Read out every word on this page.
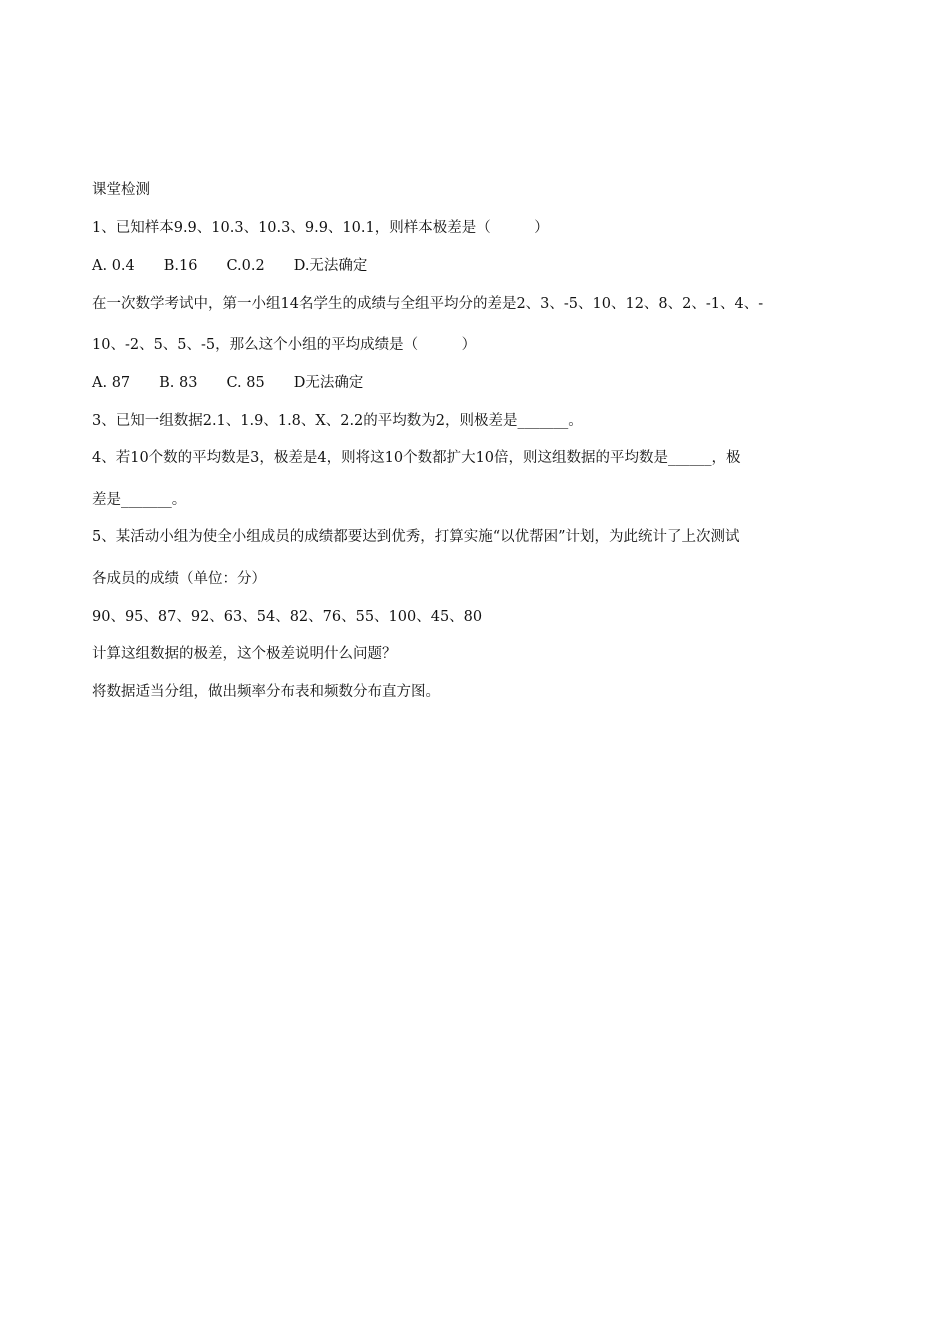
课堂检测
1、已知样本9.9、10.3、10.3、9.9、10.1，则样本极差是（　　　）
A. 0.4　　B.16　　C.0.2　　D.无法确定
在一次数学考试中，第一小组14名学生的成绩与全组平均分的差是2、3、-5、10、12、8、2、-1、4、-
10、-2、5、5、-5，那么这个小组的平均成绩是（　　　）
A. 87　　B. 83　　C. 85　　D无法确定
3、已知一组数据2.1、1.9、1.8、X、2.2的平均数为2，则极差是_______。
4、若10个数的平均数是3，极差是4，则将这10个数都扩大10倍，则这组数据的平均数是______，极
差是_______。
5、某活动小组为使全小组成员的成绩都要达到优秀，打算实施“以优帮困”计划，为此统计了上次测试
各成员的成绩（单位：分）
90、95、87、92、63、54、82、76、55、100、45、80
计算这组数据的极差，这个极差说明什么问题？
将数据适当分组，做出频率分布表和频数分布直方图。
